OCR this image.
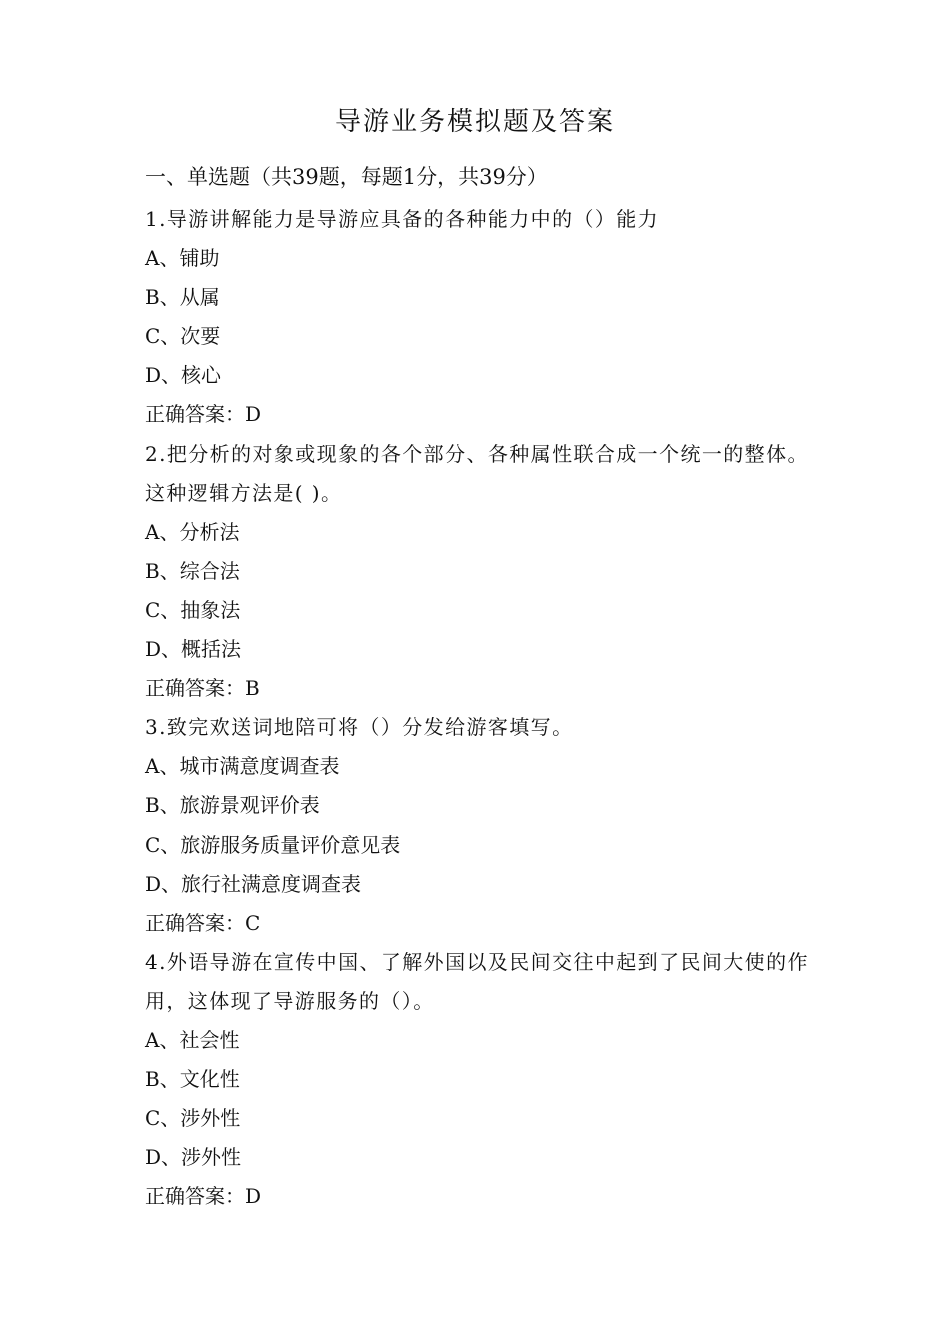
导游业务模拟题及答案
一、单选题（共39题，每题1分，共39分）
1.导游讲解能力是导游应具备的各种能力中的（）能力
A、铺助
B、从属
C、次要
D、核心
正确答案：D
2.把分析的对象或现象的各个部分、各种属性联合成一个统一的整体。这种逻辑方法是( )。
A、分析法
B、综合法
C、抽象法
D、概括法
正确答案：B
3.致完欢送词地陪可将（）分发给游客填写。
A、城市满意度调查表
B、旅游景观评价表
C、旅游服务质量评价意见表
D、旅行社满意度调查表
正确答案：C
4.外语导游在宣传中国、了解外国以及民间交往中起到了民间大使的作用，这体现了导游服务的（）。
A、社会性
B、文化性
C、涉外性
D、涉外性
正确答案：D
